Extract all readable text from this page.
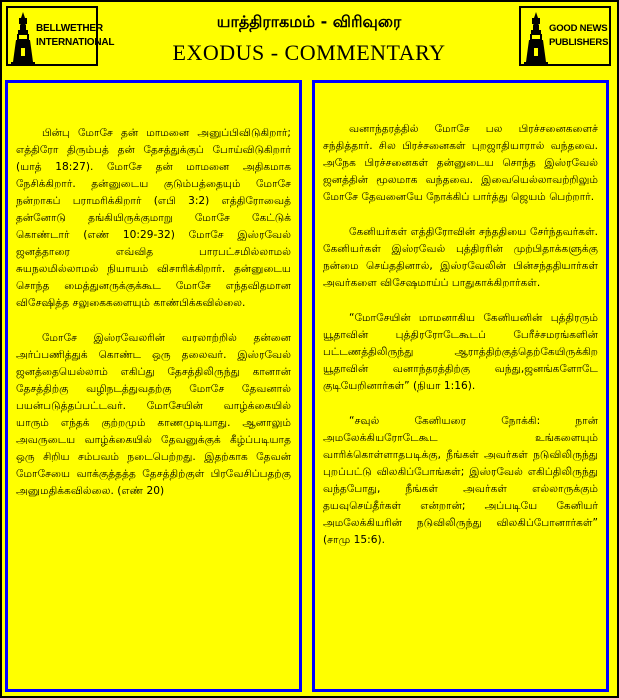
BELLWETHER
INTERNATIONAL
யாத்திராகமம் - விரிவுரை
EXODUS - COMMENTARY
GOOD NEWS
PUBLISHERS

பின்பு மோசே தன் மாமனை அனுப்பிவிடுகிறார்; எத்திரோ திரும்பத் தன் தேசத்துக்குப் போய்விடுகிறார் (யாத் 18:27). மோசே தன் மாமனை அதிகமாக நேசிக்கிறார். தன்னுடைய குடும்பத்தையும் மோசே நன்றாகப் பராமரிக்கிறார் (எபி 3:2) எத்திரோவைத் தன்னோடு தங்கியிருக்குமாறு மோசே கேட்டுக் கொண்டார் (எண் 10:29-32) மோசே இஸ்ரவேல் ஜனத்தாரை எவ்வித பாரபட்சமில்லாமல் சுயநலமில்லாமல் நியாயம் விசாரிக்கிறார். தன்னுடைய சொந்த மைத்துனருக்குக்கூட மோசே எந்தவிதமான விசேஷித்த சலுகைகளையும் காண்பிக்கவில்லை.

மோசே இஸ்ரவேலரின் வரலாற்றில் தன்னை அர்ப்பணித்துக் கொண்ட ஒரு தலைவர். இஸ்ரவேல் ஜனத்தையெல்லாம் எகிப்து தேசத்திலிருந்து கானான் தேசத்திற்கு வழிநடத்துவதற்கு மோசே தேவனால் பயன்படுத்தப்பட்டவர். மோசேயின் வாழ்க்கையில் யாரும் எந்தக் குற்றமும் காணமுடியாது. ஆனாலும் அவருடைய வாழ்க்கையில் தேவனுக்குக் கீழ்ப்படியாத ஒரு சிறிய சம்பவம் நடைபெற்றது. இதற்காக தேவன் மோசேயை வாக்குத்தத்த தேசத்திற்குள் பிரவேசிப்பதற்கு அனுமதிக்கவில்லை. (எண் 20)

வனாந்தரத்தில் மோசே பல பிரச்சனைகளைச் சந்தித்தார். சில பிரச்சனைகள் புறஜாதியாரால் வந்தவை. அநேக பிரச்சனைகள் தன்னுடைய சொந்த இஸ்ரவேல் ஜனத்தின் மூலமாக வந்தவை. இவையெல்லாவற்றிலும் மோசே தேவனையே நோக்கிப் பார்த்து ஜெயம் பெற்றார்.

கேனியர்கள் எத்திரோவின் சந்ததியை சேர்ந்தவர்கள். கேனியர்கள் இஸ்ரவேல் புத்திரரின் முற்பிதாக்களுக்கு நன்மை செய்ததினால், இஸ்ரவேலின் பின்சந்ததியார்கள் அவர்களை விசேஷமாய்ப் பாதுகாக்கிறார்கள்.

“மோசேயின் மாமனாகிய கேனியனின் புத்திரரும் யூதாவின் புத்திரரோடேகூடப் பேரீச்சமரங்களின் பட்டணத்திலிருந்து ஆராத்திற்குத்தெற்கேயிருக்கிற யூதாவின் வனாந்தரத்திற்கு வந்து,ஜனங்களோடே குடியேறினார்கள்” (நியா 1:16).

“சவுல் கேனியரை நோக்கி: நான் அமலேக்கியரோடேகூட உங்களையும் வாரிக்கொள்ளாதபடிக்கு, நீங்கள் அவர்கள் நடுவிலிருந்து புறப்பட்டு விலகிப்போங்கள்; இஸ்ரவேல் எகிப்திலிருந்து வந்தபோது, நீங்கள் அவர்கள் எல்லாருக்கும் தயவுசெய்தீர்கள் என்றான்; அப்படியே கேனியர் அமலேக்கியரின் நடுவிலிருந்து விலகிப்போனார்கள்” (சாமு 15:6).
